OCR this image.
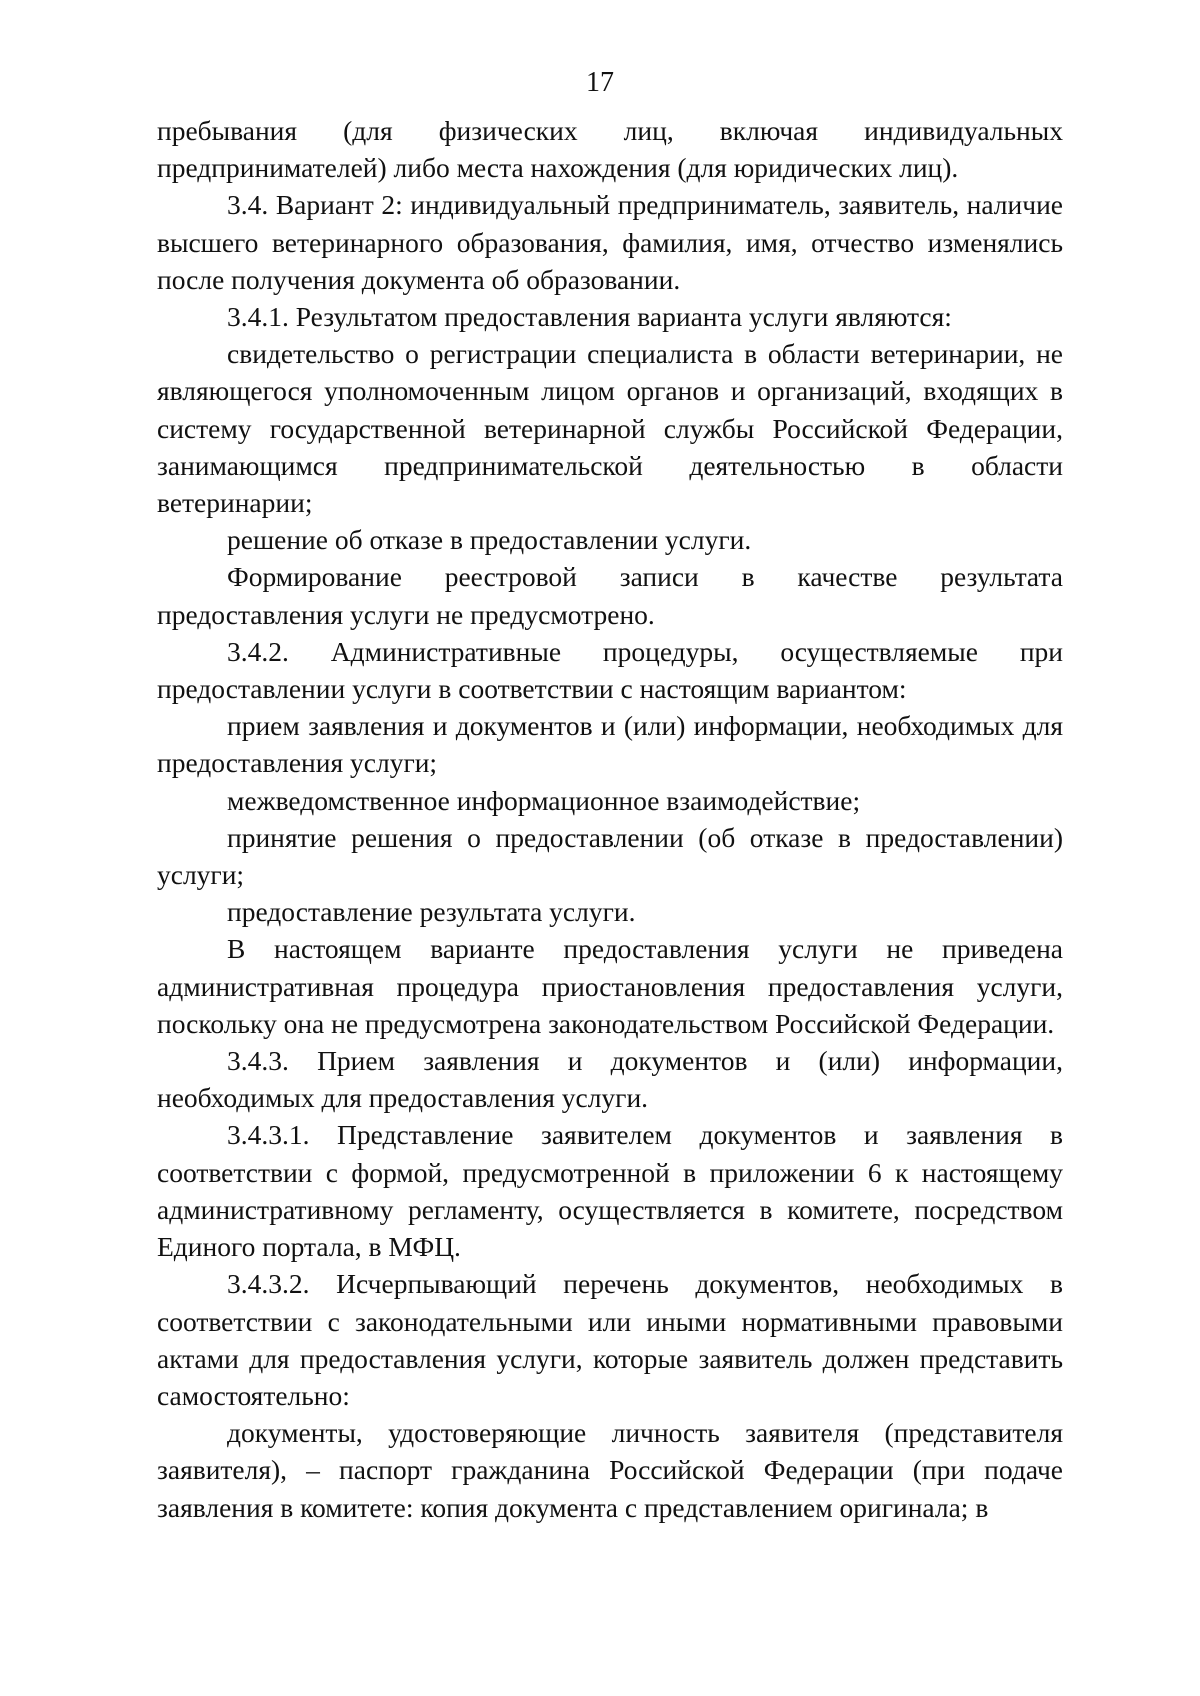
17

пребывания (для физических лиц, включая индивидуальных предпринимателей) либо места нахождения (для юридических лиц).

3.4. Вариант 2: индивидуальный предприниматель, заявитель, наличие высшего ветеринарного образования, фамилия, имя, отчество изменялись после получения документа об образовании.

3.4.1. Результатом предоставления варианта услуги являются:

свидетельство о регистрации специалиста в области ветеринарии, не являющегося уполномоченным лицом органов и организаций, входящих в систему государственной ветеринарной службы Российской Федерации, занимающимся предпринимательской деятельностью в области ветеринарии;

решение об отказе в предоставлении услуги.

Формирование реестровой записи в качестве результата предоставления услуги не предусмотрено.

3.4.2. Административные процедуры, осуществляемые при предоставлении услуги в соответствии с настоящим вариантом:

прием заявления и документов и (или) информации, необходимых для предоставления услуги;

межведомственное информационное взаимодействие;

принятие решения о предоставлении (об отказе в предоставлении) услуги;

предоставление результата услуги.

В настоящем варианте предоставления услуги не приведена административная процедура приостановления предоставления услуги, поскольку она не предусмотрена законодательством Российской Федерации.

3.4.3. Прием заявления и документов и (или) информации, необходимых для предоставления услуги.

3.4.3.1. Представление заявителем документов и заявления в соответствии с формой, предусмотренной в приложении 6 к настоящему административному регламенту, осуществляется в комитете, посредством Единого портала, в МФЦ.

3.4.3.2. Исчерпывающий перечень документов, необходимых в соответствии с законодательными или иными нормативными правовыми актами для предоставления услуги, которые заявитель должен представить самостоятельно:

документы, удостоверяющие личность заявителя (представителя заявителя), – паспорт гражданина Российской Федерации (при подаче заявления в комитете: копия документа с представлением оригинала; в
